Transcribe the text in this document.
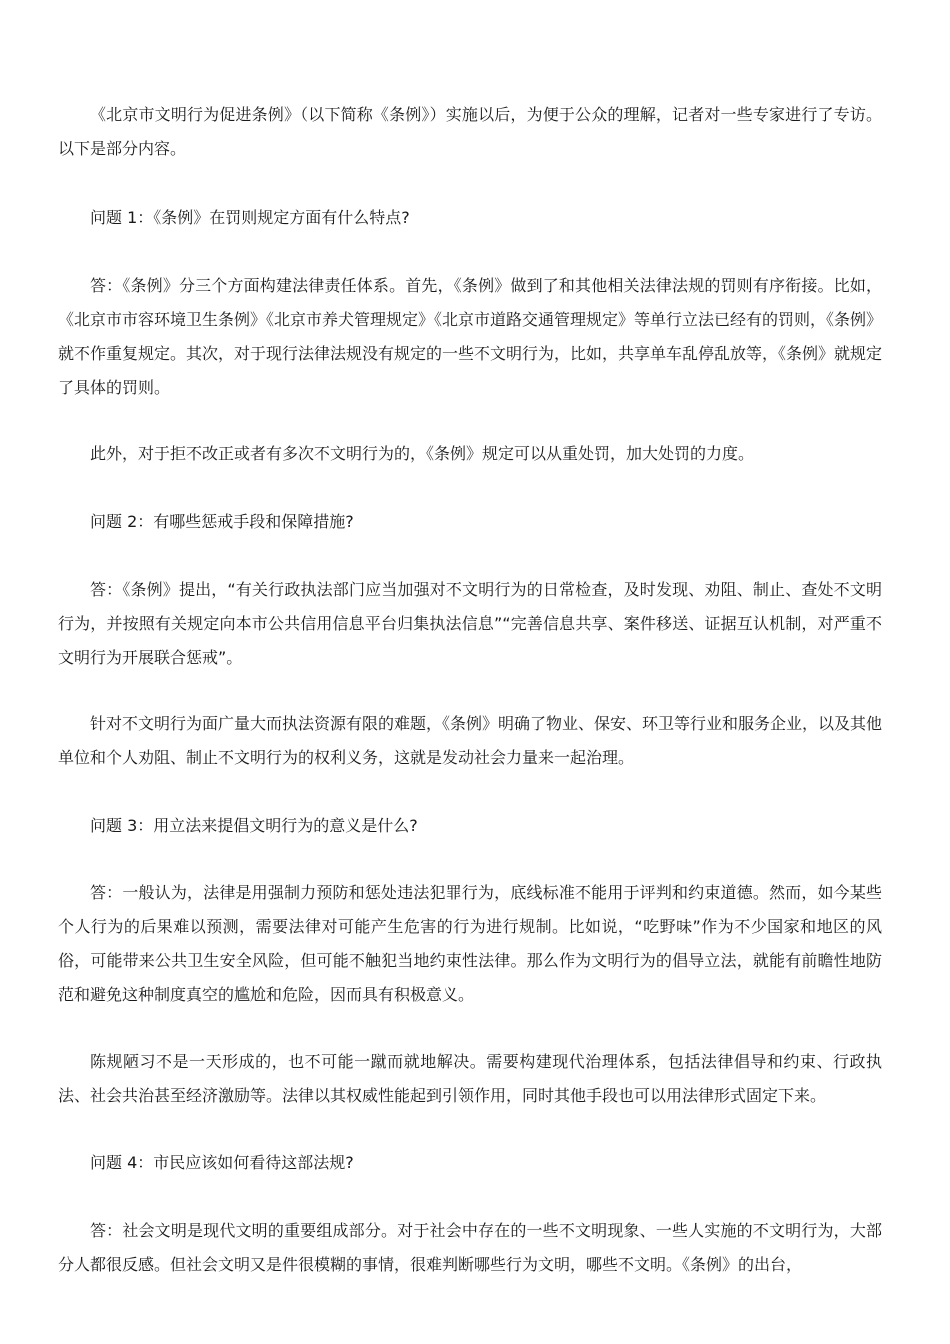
《北京市文明行为促进条例》（以下简称《条例》）实施以后，为便于公众的理解，记者对一些专家进行了专访。以下是部分内容。

问题 1：《条例》在罚则规定方面有什么特点?

答：《条例》分三个方面构建法律责任体系。首先，《条例》做到了和其他相关法律法规的罚则有序衔接。比如，《北京市市容环境卫生条例》《北京市养犬管理规定》《北京市道路交通管理规定》等单行立法已经有的罚则，《条例》就不作重复规定。其次，对于现行法律法规没有规定的一些不文明行为，比如，共享单车乱停乱放等，《条例》就规定了具体的罚则。

此外，对于拒不改正或者有多次不文明行为的，《条例》规定可以从重处罚，加大处罚的力度。

问题 2：有哪些惩戒手段和保障措施?

答：《条例》提出，“有关行政执法部门应当加强对不文明行为的日常检查，及时发现、劝阻、制止、查处不文明行为，并按照有关规定向本市公共信用信息平台归集执法信息”“完善信息共享、案件移送、证据互认机制，对严重不文明行为开展联合惩戒”。

针对不文明行为面广量大而执法资源有限的难题，《条例》明确了物业、保安、环卫等行业和服务企业，以及其他单位和个人劝阻、制止不文明行为的权利义务，这就是发动社会力量来一起治理。

问题 3：用立法来提倡文明行为的意义是什么?

答：一般认为，法律是用强制力预防和惩处违法犯罪行为，底线标准不能用于评判和约束道德。然而，如今某些个人行为的后果难以预测，需要法律对可能产生危害的行为进行规制。比如说，“吃野味”作为不少国家和地区的风俗，可能带来公共卫生安全风险，但可能不触犯当地约束性法律。那么作为文明行为的倡导立法，就能有前瞻性地防范和避免这种制度真空的尴尬和危险，因而具有积极意义。

陈规陋习不是一天形成的，也不可能一蹴而就地解决。需要构建现代治理体系，包括法律倡导和约束、行政执法、社会共治甚至经济激励等。法律以其权威性能起到引领作用，同时其他手段也可以用法律形式固定下来。

问题 4：市民应该如何看待这部法规?

答：社会文明是现代文明的重要组成部分。对于社会中存在的一些不文明现象、一些人实施的不文明行为，大部分人都很反感。但社会文明又是件很模糊的事情，很难判断哪些行为文明，哪些不文明。《条例》的出台，
